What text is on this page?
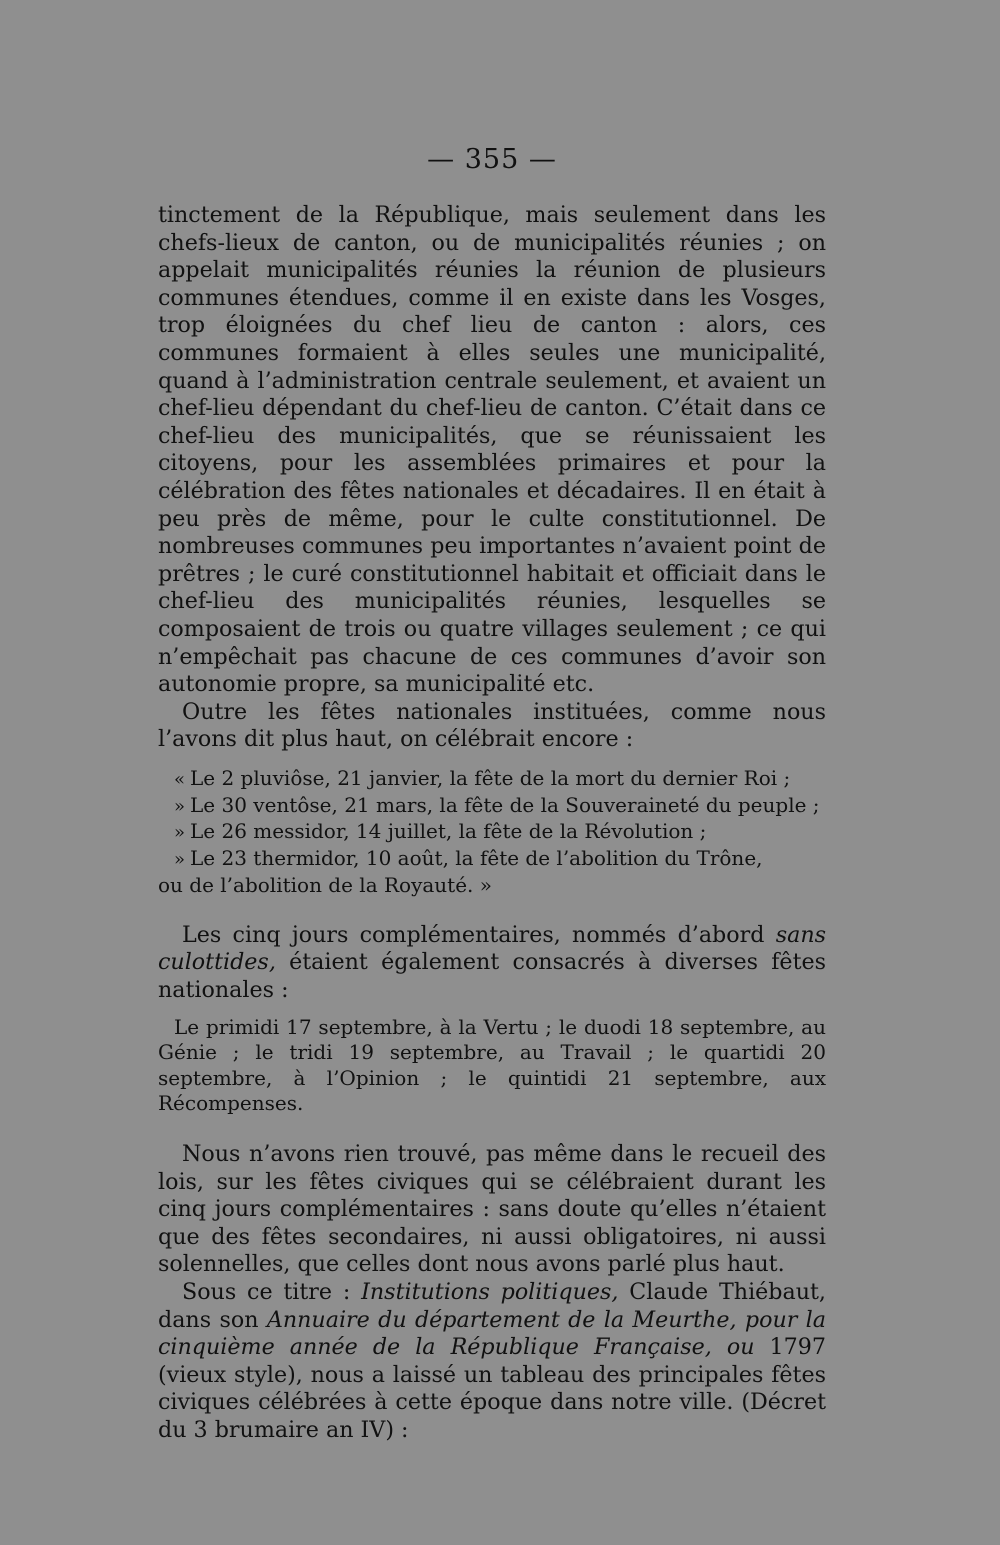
— 355 —

tinctement de la République, mais seulement dans les chefs-lieux de canton, ou de municipalités réunies ; on appelait municipalités réunies la réunion de plusieurs communes étendues, comme il en existe dans les Vosges, trop éloignées du chef lieu de canton : alors, ces communes formaient à elles seules une municipalité, quand à l’administration centrale seulement, et avaient un chef-lieu dépendant du chef-lieu de canton. C’était dans ce chef-lieu des municipalités, que se réunissaient les citoyens, pour les assemblées primaires et pour la célébration des fêtes nationales et décadaires. Il en était à peu près de même, pour le culte constitutionnel. De nombreuses communes peu importantes n’avaient point de prêtres ; le curé constitutionnel habitait et officiait dans le chef-lieu des municipalités réunies, lesquelles se composaient de trois ou quatre villages seulement ; ce qui n’empêchait pas chacune de ces communes d’avoir son autonomie propre, sa municipalité etc.

Outre les fêtes nationales instituées, comme nous l’avons dit plus haut, on célébrait encore :

« Le 2 pluviôse, 21 janvier, la fête de la mort du dernier Roi ;

» Le 30 ventôse, 21 mars, la fête de la Souveraineté du peuple ;

» Le 26 messidor, 14 juillet, la fête de la Révolution ;

» Le 23 thermidor, 10 août, la fête de l’abolition du Trône,

ou de l’abolition de la Royauté. »

Les cinq jours complémentaires, nommés d’abord sans culottides, étaient également consacrés à diverses fêtes nationales :

Le primidi 17 septembre, à la Vertu ; le duodi 18 septembre, au Génie ; le tridi 19 septembre, au Travail ; le quartidi 20 septembre, à l’Opinion ; le quintidi 21 septembre, aux Récompenses.

Nous n’avons rien trouvé, pas même dans le recueil des lois, sur les fêtes civiques qui se célébraient durant les cinq jours complémentaires : sans doute qu’elles n’étaient que des fêtes secondaires, ni aussi obligatoires, ni aussi solennelles, que celles dont nous avons parlé plus haut.

Sous ce titre : Institutions politiques, Claude Thiébaut, dans son Annuaire du département de la Meurthe, pour la cinquième année de la République Française, ou 1797 (vieux style), nous a laissé un tableau des principales fêtes civiques célébrées à cette époque dans notre ville. (Décret du 3 brumaire an IV) :
